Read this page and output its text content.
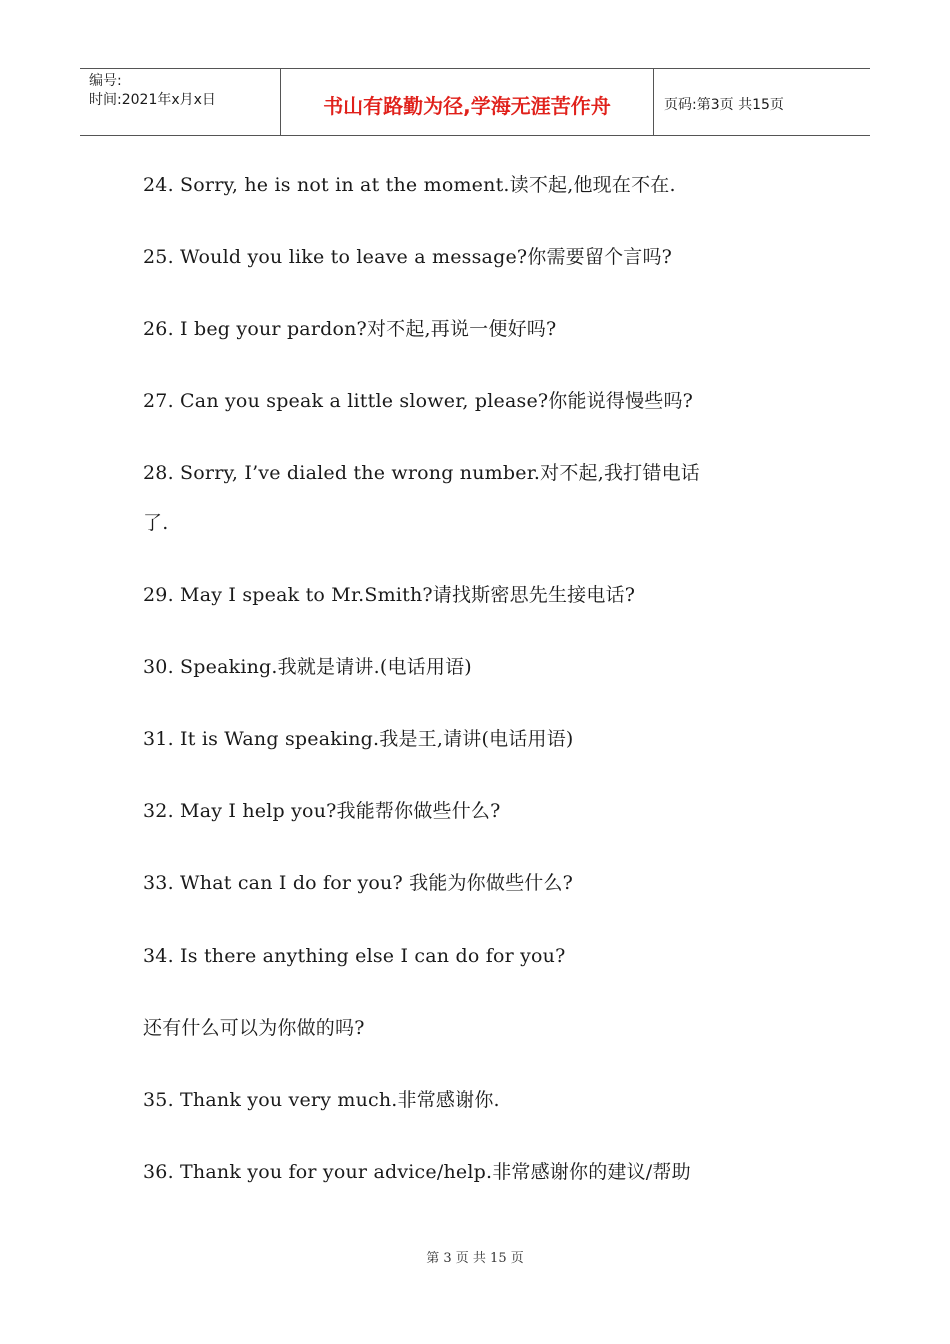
编号:
时间:2021年x月x日	书山有路勤为径,学海无涯苦作舟	页码:第3页 共15页
24. Sorry, he is not in at the moment.读不起,他现在不在.
25. Would you like to leave a message?你需要留个言吗?
26. I beg your pardon?对不起,再说一便好吗?
27. Can you speak a little slower, please?你能说得慢些吗?
28. Sorry, I’ve dialed the wrong number.对不起,我打错电话
了.
29. May I speak to Mr.Smith?请找斯密思先生接电话?
30. Speaking.我就是请讲.(电话用语)
31. It is Wang speaking.我是王,请讲(电话用语)
32. May I help you?我能帮你做些什么?
33. What can I do for you? 我能为你做些什么?
34. Is there anything else I can do for you?
还有什么可以为你做的吗?
35. Thank you very much.非常感谢你.
36. Thank you for your advice/help.非常感谢你的建议/帮助
第 3 页 共 15 页
